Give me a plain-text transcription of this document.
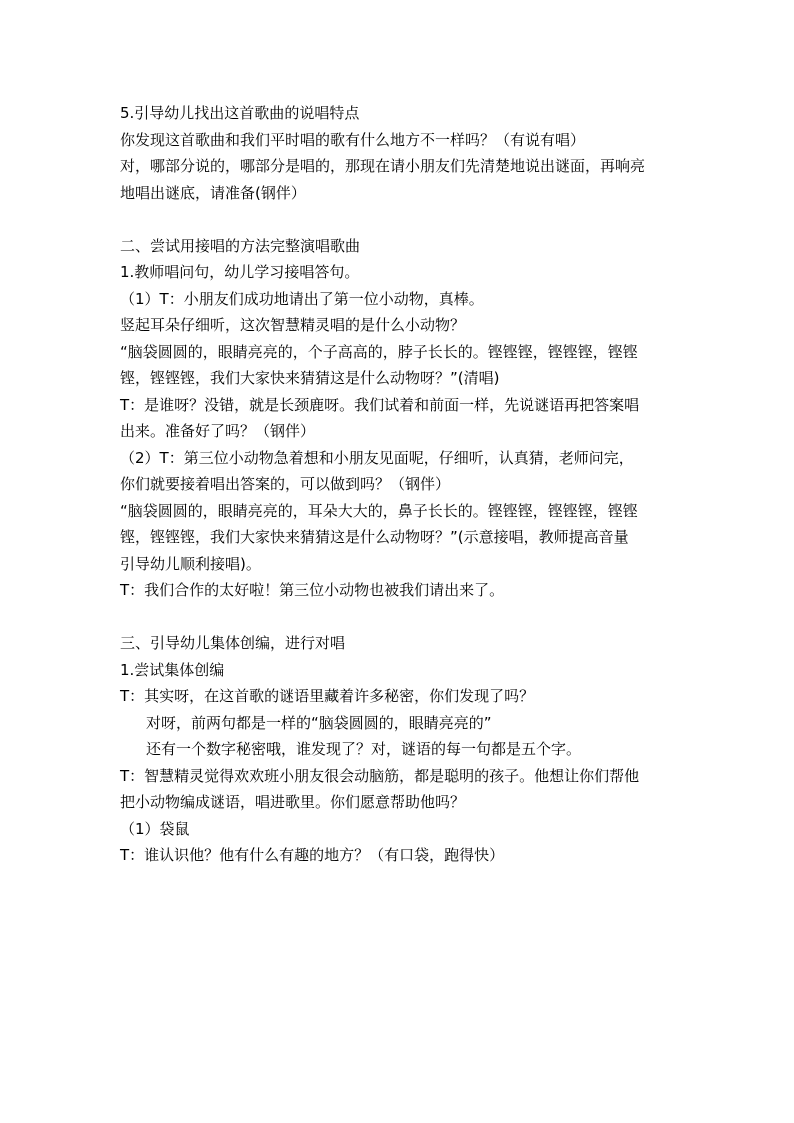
5.引导幼儿找出这首歌曲的说唱特点
你发现这首歌曲和我们平时唱的歌有什么地方不一样吗？（有说有唱）
对，哪部分说的，哪部分是唱的，那现在请小朋友们先清楚地说出谜面，再响亮
地唱出谜底，请准备(钢伴）
二、尝试用接唱的方法完整演唱歌曲
1.教师唱问句，幼儿学习接唱答句。
（1）T：小朋友们成功地请出了第一位小动物，真棒。
竖起耳朵仔细听，这次智慧精灵唱的是什么小动物？
“脑袋圆圆的，眼睛亮亮的，个子高高的，脖子长长的。铿铿铿，铿铿铿，铿铿
铿，铿铿铿，我们大家快来猜猜这是什么动物呀？”(清唱)
T：是谁呀？没错，就是长颈鹿呀。我们试着和前面一样，先说谜语再把答案唱
出来。准备好了吗？（钢伴）
（2）T：第三位小动物急着想和小朋友见面呢，仔细听，认真猜，老师问完，
你们就要接着唱出答案的，可以做到吗？（钢伴）
“脑袋圆圆的，眼睛亮亮的，耳朵大大的，鼻子长长的。铿铿铿，铿铿铿，铿铿
铿，铿铿铿，我们大家快来猜猜这是什么动物呀？”(示意接唱，教师提高音量
引导幼儿顺利接唱)。
T：我们合作的太好啦！第三位小动物也被我们请出来了。
三、引导幼儿集体创编，进行对唱
1.尝试集体创编
T：其实呀，在这首歌的谜语里藏着许多秘密，你们发现了吗？
对呀，前两句都是一样的“脑袋圆圆的，眼睛亮亮的”
还有一个数字秘密哦，谁发现了？对，谜语的每一句都是五个字。
T：智慧精灵觉得欢欢班小朋友很会动脑筋，都是聪明的孩子。他想让你们帮他
把小动物编成谜语，唱进歌里。你们愿意帮助他吗？
（1）袋鼠
T：谁认识他？他有什么有趣的地方？（有口袋，跑得快）
